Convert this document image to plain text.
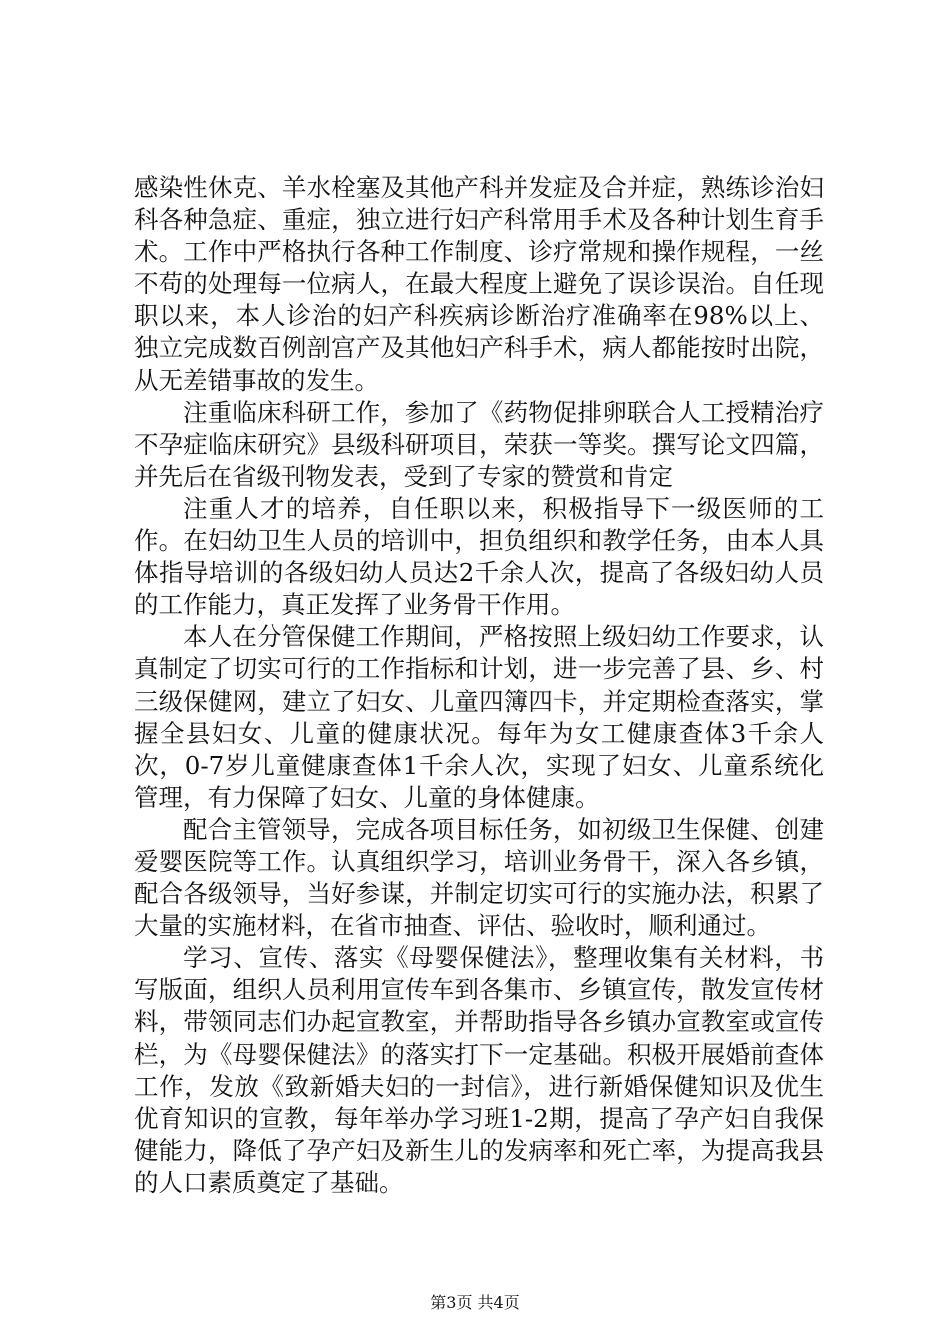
感染性休克、羊水栓塞及其他产科并发症及合并症，熟练诊治妇科各种急症、重症，独立进行妇产科常用手术及各种计划生育手术。工作中严格执行各种工作制度、诊疗常规和操作规程，一丝不苟的处理每一位病人，在最大程度上避免了误诊误治。自任现职以来，本人诊治的妇产科疾病诊断治疗准确率在98%以上、独立完成数百例剖宫产及其他妇产科手术，病人都能按时出院，从无差错事故的发生。

注重临床科研工作，参加了《药物促排卵联合人工授精治疗不孕症临床研究》县级科研项目，荣获一等奖。撰写论文四篇，并先后在省级刊物发表，受到了专家的赞赏和肯定

注重人才的培养，自任职以来，积极指导下一级医师的工作。在妇幼卫生人员的培训中，担负组织和教学任务，由本人具体指导培训的各级妇幼人员达2千余人次，提高了各级妇幼人员的工作能力，真正发挥了业务骨干作用。

本人在分管保健工作期间，严格按照上级妇幼工作要求，认真制定了切实可行的工作指标和计划，进一步完善了县、乡、村三级保健网，建立了妇女、儿童四簿四卡，并定期检查落实，掌握全县妇女、儿童的健康状况。每年为女工健康查体3千余人次，0-7岁儿童健康查体1千余人次，实现了妇女、儿童系统化管理，有力保障了妇女、儿童的身体健康。

配合主管领导，完成各项目标任务，如初级卫生保健、创建爱婴医院等工作。认真组织学习，培训业务骨干，深入各乡镇，配合各级领导，当好参谋，并制定切实可行的实施办法，积累了大量的实施材料，在省市抽查、评估、验收时，顺利通过。

学习、宣传、落实《母婴保健法》，整理收集有关材料，书写版面，组织人员利用宣传车到各集市、乡镇宣传，散发宣传材料，带领同志们办起宣教室，并帮助指导各乡镇办宣教室或宣传栏，为《母婴保健法》的落实打下一定基础。积极开展婚前查体工作，发放《致新婚夫妇的一封信》，进行新婚保健知识及优生优育知识的宣教，每年举办学习班1-2期，提高了孕产妇自我保健能力，降低了孕产妇及新生儿的发病率和死亡率，为提高我县的人口素质奠定了基础。

第3页 共4页
